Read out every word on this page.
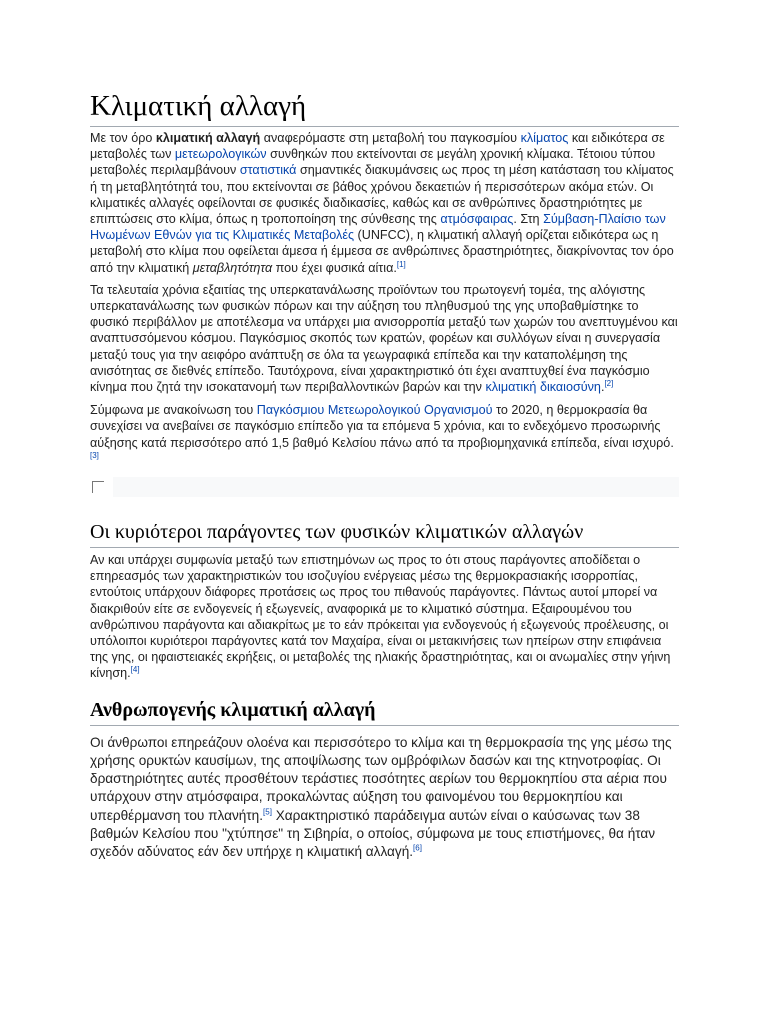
Κλιματική αλλαγή

Με τον όρο κλιματική αλλαγή αναφερόμαστε στη μεταβολή του παγκοσμίου κλίματος και ειδικότερα σε μεταβολές των μετεωρολογικών συνθηκών που εκτείνονται σε μεγάλη χρονική κλίμακα. Τέτοιου τύπου μεταβολές περιλαμβάνουν στατιστικά σημαντικές διακυμάνσεις ως προς τη μέση κατάσταση του κλίματος ή τη μεταβλητότητά του, που εκτείνονται σε βάθος χρόνου δεκαετιών ή περισσότερων ακόμα ετών. Οι κλιματικές αλλαγές οφείλονται σε φυσικές διαδικασίες, καθώς και σε ανθρώπινες δραστηριότητες με επιπτώσεις στο κλίμα, όπως η τροποποίηση της σύνθεσης της ατμόσφαιρας. Στη Σύμβαση-Πλαίσιο των Ηνωμένων Εθνών για τις Κλιματικές Μεταβολές (UNFCC), η κλιματική αλλαγή ορίζεται ειδικότερα ως η μεταβολή στο κλίμα που οφείλεται άμεσα ή έμμεσα σε ανθρώπινες δραστηριότητες, διακρίνοντας τον όρο από την κλιματική μεταβλητότητα που έχει φυσικά αίτια.[1]

Τα τελευταία χρόνια εξαιτίας της υπερκατανάλωσης προϊόντων του πρωτογενή τομέα, της αλόγιστης υπερκατανάλωσης των φυσικών πόρων και την αύξηση του πληθυσμού της γης υποβαθμίστηκε το φυσικό περιβάλλον με αποτέλεσμα να υπάρχει μια ανισορροπία μεταξύ των χωρών του ανεπτυγμένου και αναπτυσσόμενου κόσμου. Παγκόσμιος σκοπός των κρατών, φορέων και συλλόγων είναι η συνεργασία μεταξύ τους για την αειφόρο ανάπτυξη σε όλα τα γεωγραφικά επίπεδα και την καταπολέμηση της ανισότητας σε διεθνές επίπεδο. Ταυτόχρονα, είναι χαρακτηριστικό ότι έχει αναπτυχθεί ένα παγκόσμιο κίνημα που ζητά την ισοκατανομή των περιβαλλοντικών βαρών και την κλιματική δικαιοσύνη.[2]

Σύμφωνα με ανακοίνωση του Παγκόσμιου Μετεωρολογικού Οργανισμού το 2020, η θερμοκρασία θα συνεχίσει να ανεβαίνει σε παγκόσμιο επίπεδο για τα επόμενα 5 χρόνια, και το ενδεχόμενο προσωρινής αύξησης κατά περισσότερο από 1,5 βαθμό Κελσίου πάνω από τα προβιομηχανικά επίπεδα, είναι ισχυρό.[3]

Οι κυριότεροι παράγοντες των φυσικών κλιματικών αλλαγών

Αν και υπάρχει συμφωνία μεταξύ των επιστημόνων ως προς το ότι στους παράγοντες αποδίδεται ο επηρεασμός των χαρακτηριστικών του ισοζυγίου ενέργειας μέσω της θερμοκρασιακής ισορροπίας, εντούτοις υπάρχουν διάφορες προτάσεις ως προς του πιθανούς παράγοντες. Πάντως αυτοί μπορεί να διακριθούν είτε σε ενδογενείς ή εξωγενείς, αναφορικά με το κλιματικό σύστημα. Εξαιρουμένου του ανθρώπινου παράγοντα και αδιακρίτως με το εάν πρόκειται για ενδογενούς ή εξωγενούς προέλευσης, οι υπόλοιποι κυριότεροι παράγοντες κατά τον Μαχαίρα, είναι οι μετακινήσεις των ηπείρων στην επιφάνεια της γης, οι ηφαιστειακές εκρήξεις, οι μεταβολές της ηλιακής δραστηριότητας, και οι ανωμαλίες στην γήινη κίνηση.[4]

Ανθρωπογενής κλιματική αλλαγή

Οι άνθρωποι επηρεάζουν ολοένα και περισσότερο το κλίμα και τη θερμοκρασία της γης μέσω της χρήσης ορυκτών καυσίμων, της αποψίλωσης των ομβρόφιλων δασών και της κτηνοτροφίας. Οι δραστηριότητες αυτές προσθέτουν τεράστιες ποσότητες αερίων του θερμοκηπίου στα αέρια που υπάρχουν στην ατμόσφαιρα, προκαλώντας αύξηση του φαινομένου του θερμοκηπίου και υπερθέρμανση του πλανήτη.[5] Χαρακτηριστικό παράδειγμα αυτών είναι ο καύσωνας των 38 βαθμών Κελσίου που "χτύπησε" τη Σιβηρία, ο οποίος, σύμφωνα με τους επιστήμονες, θα ήταν σχεδόν αδύνατος εάν δεν υπήρχε η κλιματική αλλαγή.[6]
